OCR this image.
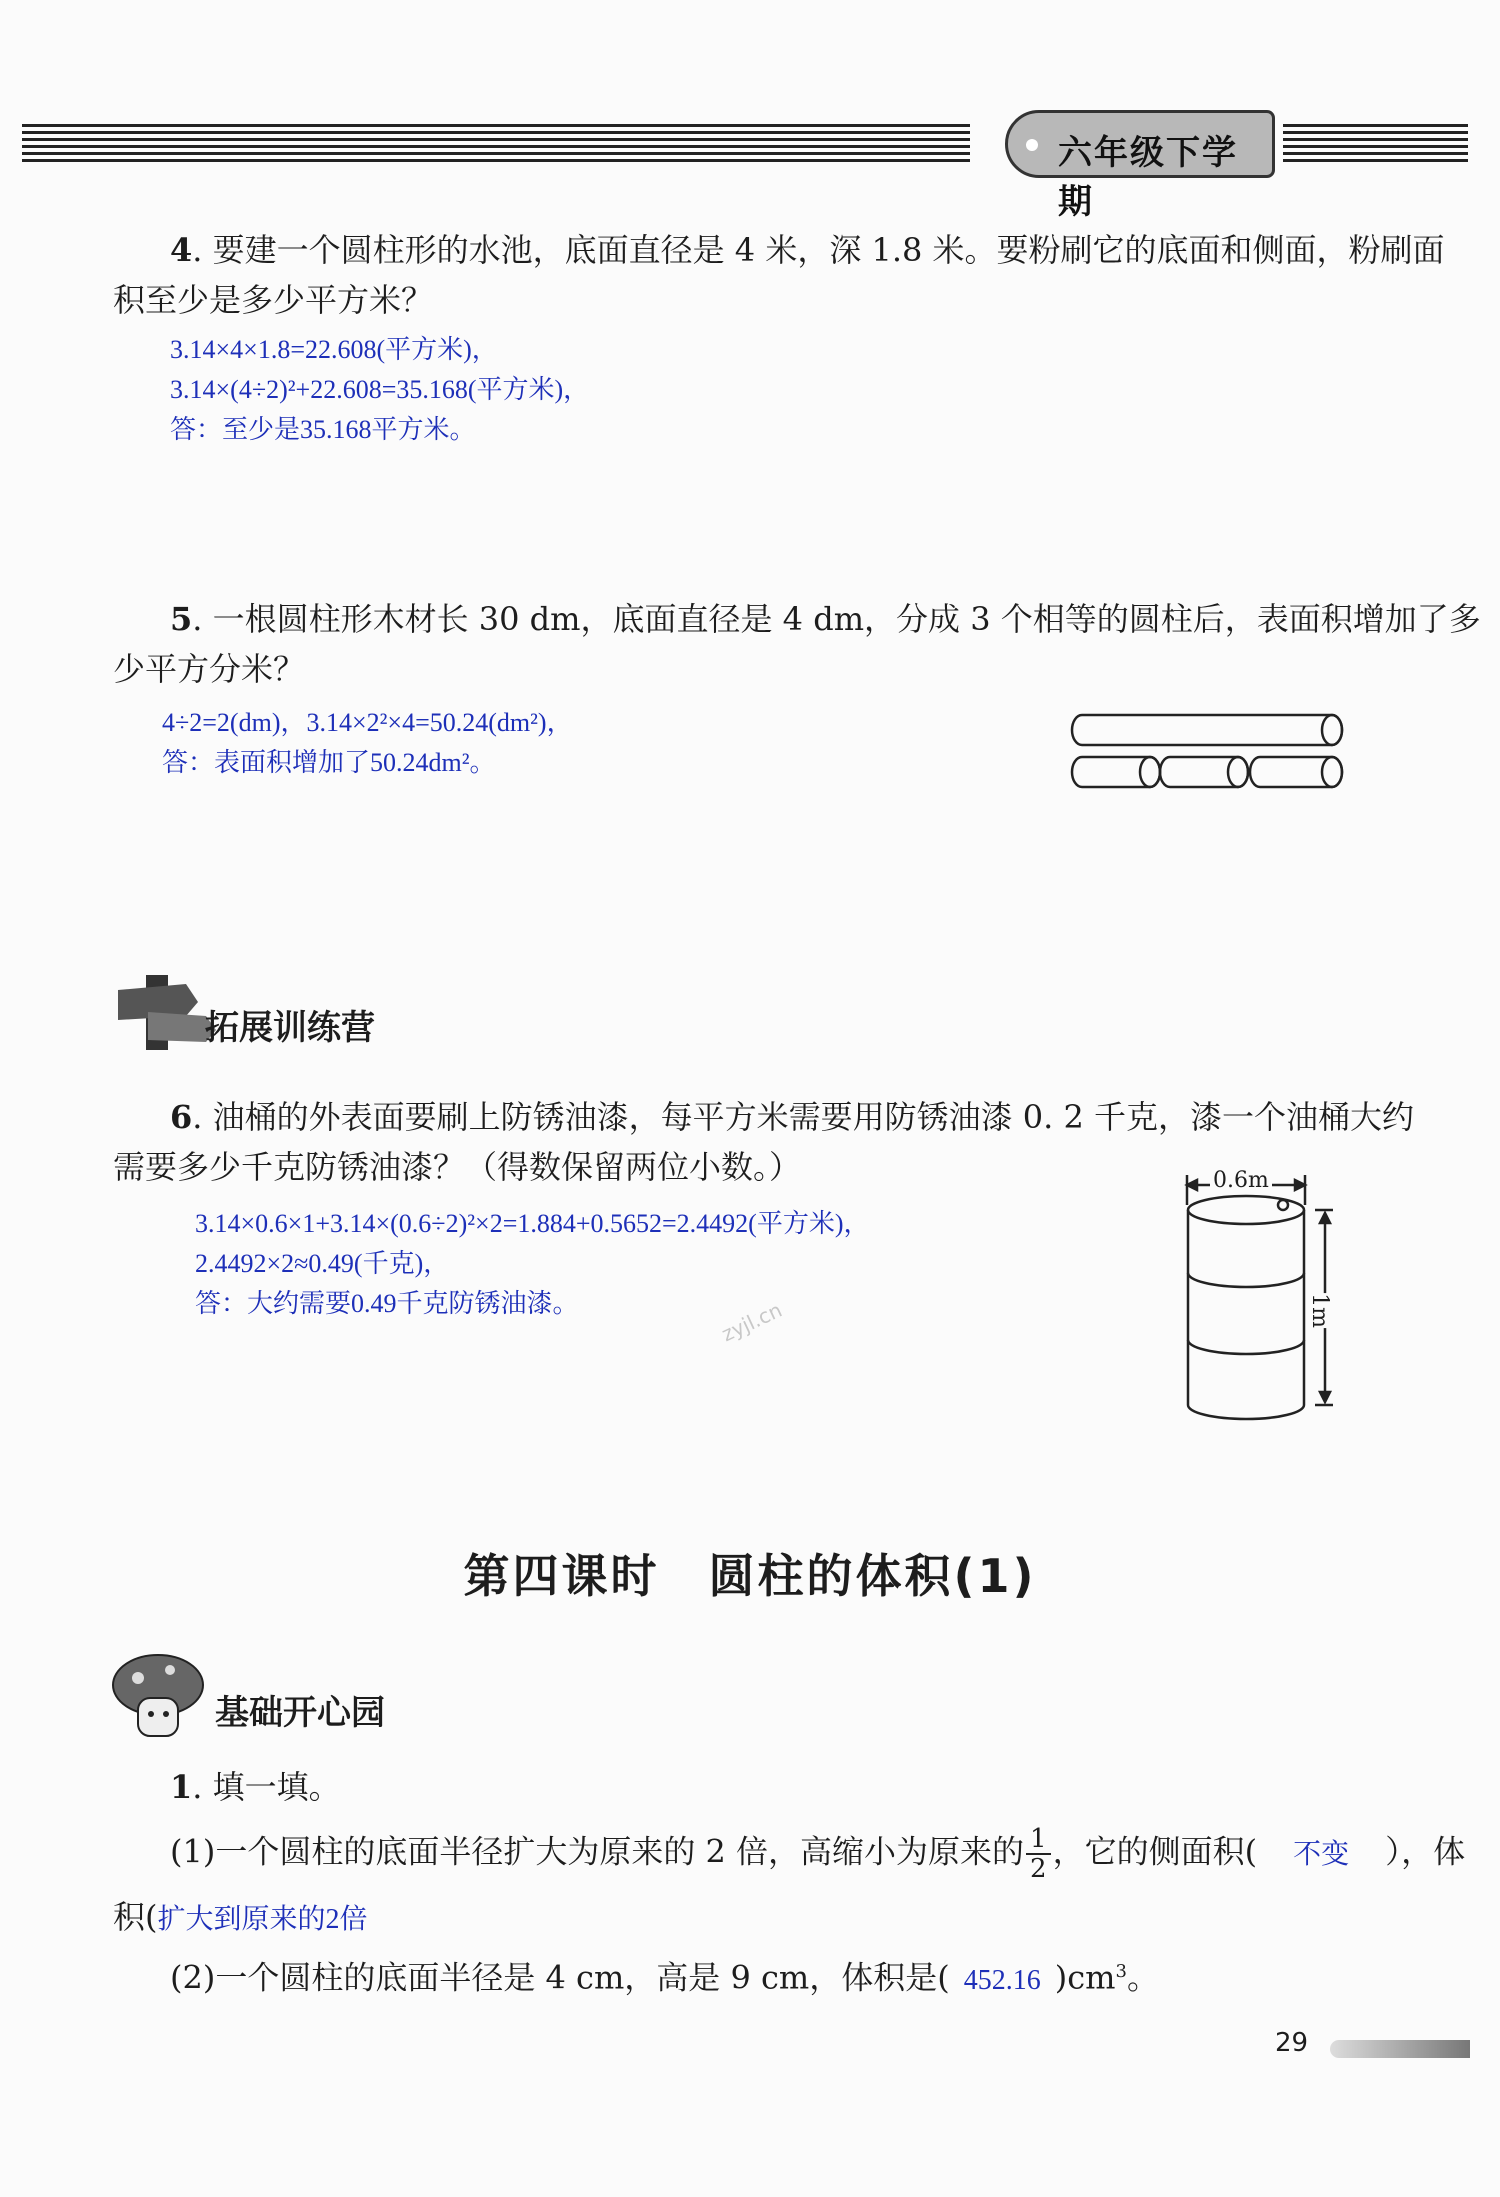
六年级下学期
4. 要建一个圆柱形的水池，底面直径是 4 米，深 1.8 米。要粉刷它的底面和侧面，粉刷面
积至少是多少平方米？
3.14×4×1.8=22.608(平方米)，
3.14×(4÷2)²+22.608=35.168(平方米)，
答：至少是35.168平方米。
5. 一根圆柱形木材长 30 dm，底面直径是 4 dm，分成 3 个相等的圆柱后，表面积增加了多
少平方分米？
4÷2=2(dm)，3.14×2²×4=50.24(dm²)，
答：表面积增加了50.24dm²。
拓展训练营
6. 油桶的外表面要刷上防锈油漆，每平方米需要用防锈油漆 0. 2 千克，漆一个油桶大约
需要多少千克防锈油漆？（得数保留两位小数。）
3.14×0.6×1+3.14×(0.6÷2)²×2=1.884+0.5652=2.4492(平方米)，
2.4492×2≈0.49(千克)，
答：大约需要0.49千克防锈油漆。	zyjl.cn
0.6m
1m
第四课时　圆柱的体积(1)
基础开心园
1. 填一填。
(1)一个圆柱的底面半径扩大为原来的 2 倍，高缩小为原来的 $\frac{1}{2}$ ，它的侧面积( 不变 ），体
积(扩大到原来的2倍
(2)一个圆柱的底面半径是 4 cm，高是 9 cm，体积是( 452.16 )$cm^3$。
29
